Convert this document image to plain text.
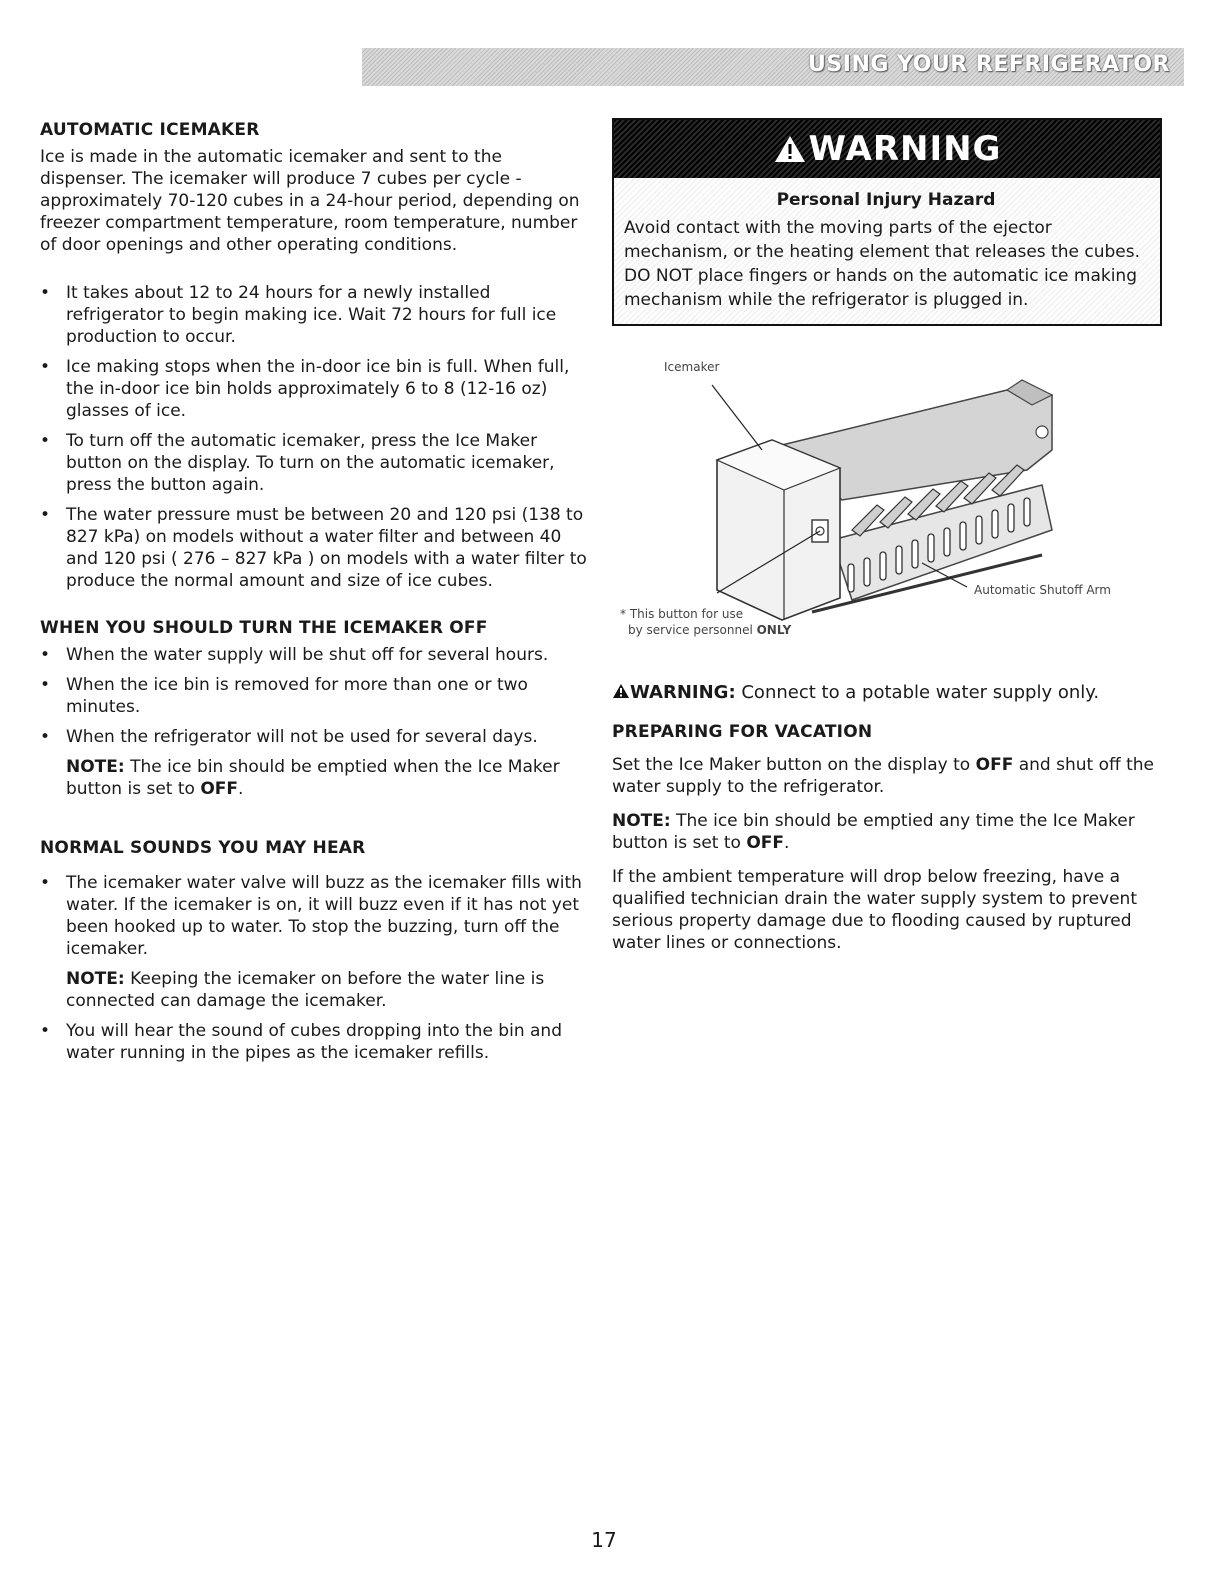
USING YOUR REFRIGERATOR
AUTOMATIC ICEMAKER

Ice is made in the automatic icemaker and sent to the dispenser. The icemaker will produce 7 cubes per cycle -approximately 70-120 cubes in a 24-hour period, depending on freezer compartment temperature, room temperature, number of door openings and other operating conditions.

• It takes about 12 to 24 hours for a newly installed refrigerator to begin making ice. Wait 72 hours for full ice production to occur.
• Ice making stops when the in-door ice bin is full. When full, the in-door ice bin holds approximately 6 to 8 (12-16 oz) glasses of ice.
• To turn off the automatic icemaker, press the Ice Maker button on the display. To turn on the automatic icemaker, press the button again.
• The water pressure must be between 20 and 120 psi (138 to 827 kPa) on models without a water filter and between 40 and 120 psi ( 276 – 827 kPa ) on models with a water filter to produce the normal amount and size of ice cubes.
WHEN YOU SHOULD TURN THE ICEMAKER OFF
• When the water supply will be shut off for several hours.
• When the ice bin is removed for more than one or two minutes.
• When the refrigerator will not be used for several days.
NOTE: The ice bin should be emptied when the Ice Maker button is set to OFF.
NORMAL SOUNDS YOU MAY HEAR
• The icemaker water valve will buzz as the icemaker fills with water. If the icemaker is on, it will buzz even if it has not yet been hooked up to water. To stop the buzzing, turn off the icemaker.
NOTE: Keeping the icemaker on before the water line is connected can damage the icemaker.
• You will hear the sound of cubes dropping into the bin and water running in the pipes as the icemaker refills.
WARNING
Personal Injury Hazard
Avoid contact with the moving parts of the ejector mechanism, or the heating element that releases the cubes. DO NOT place fingers or hands on the automatic ice making mechanism while the refrigerator is plugged in.
Icemaker
Automatic Shutoff Arm
* This button for use
by service personnel ONLY

WARNING: Connect to a potable water supply only.

PREPARING FOR VACATION

Set the Ice Maker button on the display to OFF and shut off the water supply to the refrigerator.

NOTE: The ice bin should be emptied any time the Ice Maker button is set to OFF.

If the ambient temperature will drop below freezing, have a qualified technician drain the water supply system to prevent serious property damage due to flooding caused by ruptured water lines or connections.

17
